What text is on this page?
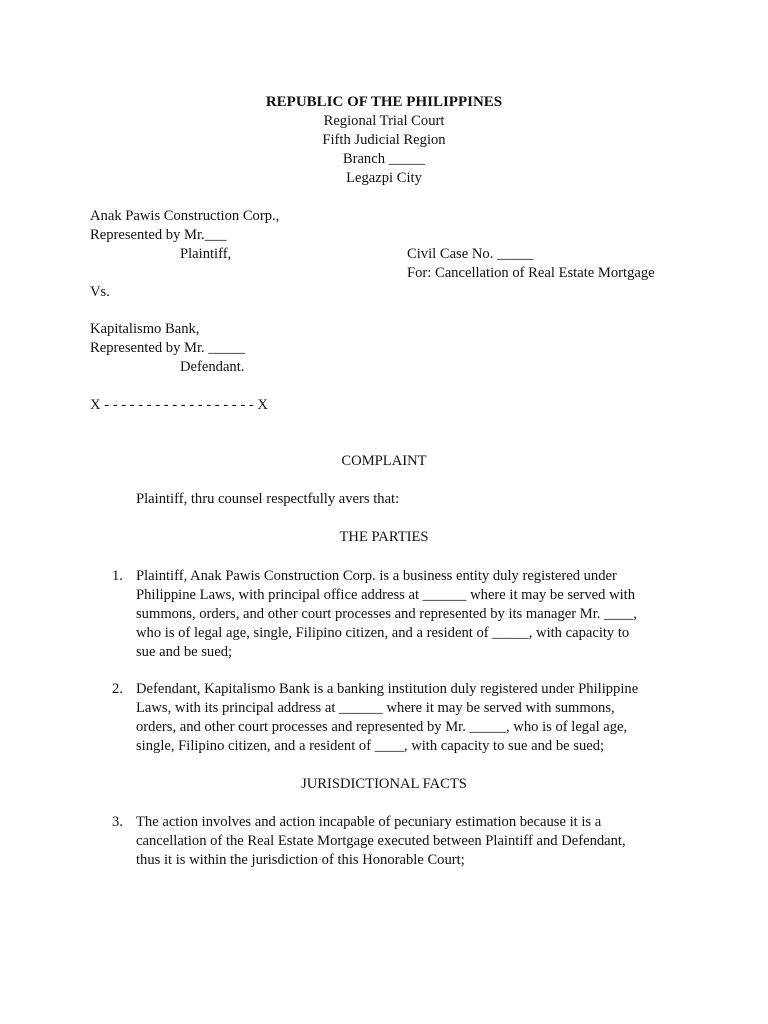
REPUBLIC OF THE PHILIPPINES
Regional Trial Court
Fifth Judicial Region
Branch _____
Legazpi City
Anak Pawis Construction Corp.,
Represented by Mr.___
Plaintiff,	Civil Case No. _____
For: Cancellation of Real Estate Mortgage
Vs.
Kapitalismo Bank,
Represented by Mr. _____
Defendant.
X - - - - - - - - - - - - - - - - - - X
COMPLAINT
Plaintiff, thru counsel respectfully avers that:
THE PARTIES
1. Plaintiff, Anak Pawis Construction Corp. is a business entity duly registered under
Philippine Laws, with principal office address at ______ where it may be served with
summons, orders, and other court processes and represented by its manager Mr. ____,
who is of legal age, single, Filipino citizen, and a resident of _____, with capacity to
sue and be sued;
2. Defendant, Kapitalismo Bank is a banking institution duly registered under Philippine
Laws, with its principal address at ______ where it may be served with summons,
orders, and other court processes and represented by Mr. _____, who is of legal age,
single, Filipino citizen, and a resident of ____, with capacity to sue and be sued;
JURISDICTIONAL FACTS
3. The action involves and action incapable of pecuniary estimation because it is a
cancellation of the Real Estate Mortgage executed between Plaintiff and Defendant,
thus it is within the jurisdiction of this Honorable Court;
